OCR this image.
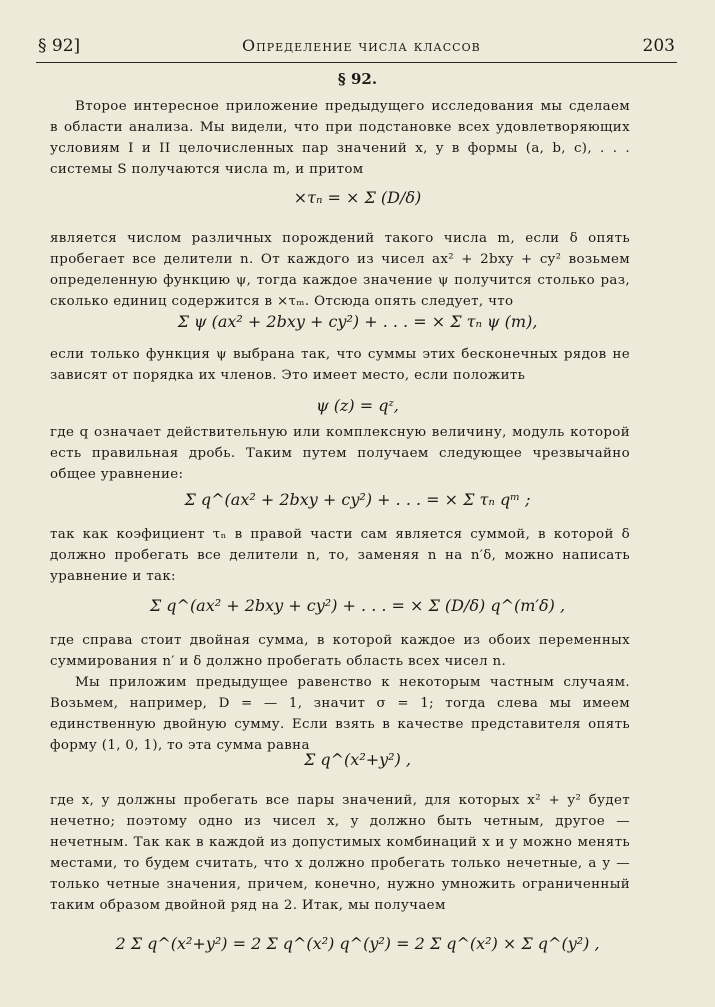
§ 92]	Определение числа классов	203
§ 92.
Второе интересное приложение предыдущего исследования мы сделаем в области анализа. Мы видели, что при подстановке всех удовлетворяющих условиям I и II целочисленных пар значений x, y в формы (a, b, c), . . . системы S получаются числа m, и притом
×τₙ = × Σ (D/δ)
является числом различных порождений такого числа m, если δ опять пробегает все делители n. От каждого из чисел ax² + 2bxy + cy² возьмем определенную функцию ψ, тогда каждое значение ψ получится столько раз, сколько единиц содержится в ×τₘ. Отсюда опять следует, что
Σ ψ (ax² + 2bxy + cy²) + . . . = × Σ τₙ ψ (m),
если только функция ψ выбрана так, что суммы этих бесконечных рядов не зависят от порядка их членов. Это имеет место, если положить
ψ (z) = qᶻ,
где q означает действительную или комплексную величину, модуль которой есть правильная дробь. Таким путем получаем следующее чрезвычайно общее уравнение:
Σ q^(ax² + 2bxy + cy²) + . . . = × Σ τₙ qᵐ ;
так как коэфициент τₙ в правой части сам является суммой, в которой δ должно пробегать все делители n, то, заменяя n на n′δ, можно написать уравнение и так:
Σ q^(ax² + 2bxy + cy²) + . . . = × Σ (D/δ) q^(m′δ) ,
где справа стоит двойная сумма, в которой каждое из обоих переменных суммирования n′ и δ должно пробегать область всех чисел n.
Мы приложим предыдущее равенство к некоторым частным случаям. Возьмем, например, D = — 1, значит σ = 1; тогда слева мы имеем единственную двойную сумму. Если взять в качестве представителя опять форму (1, 0, 1), то эта сумма равна
Σ q^(x²+y²) ,
где x, y должны пробегать все пары значений, для которых x² + y² будет нечетно; поэтому одно из чисел x, y должно быть четным, другое — нечетным. Так как в каждой из допустимых комбинаций x и y можно менять местами, то будем считать, что x должно пробегать только нечетные, а y — только четные значения, причем, конечно, нужно умножить ограниченный таким образом двойной ряд на 2. Итак, мы получаем
2 Σ q^(x²+y²) = 2 Σ q^(x²) q^(y²) = 2 Σ q^(x²) × Σ q^(y²) ,
